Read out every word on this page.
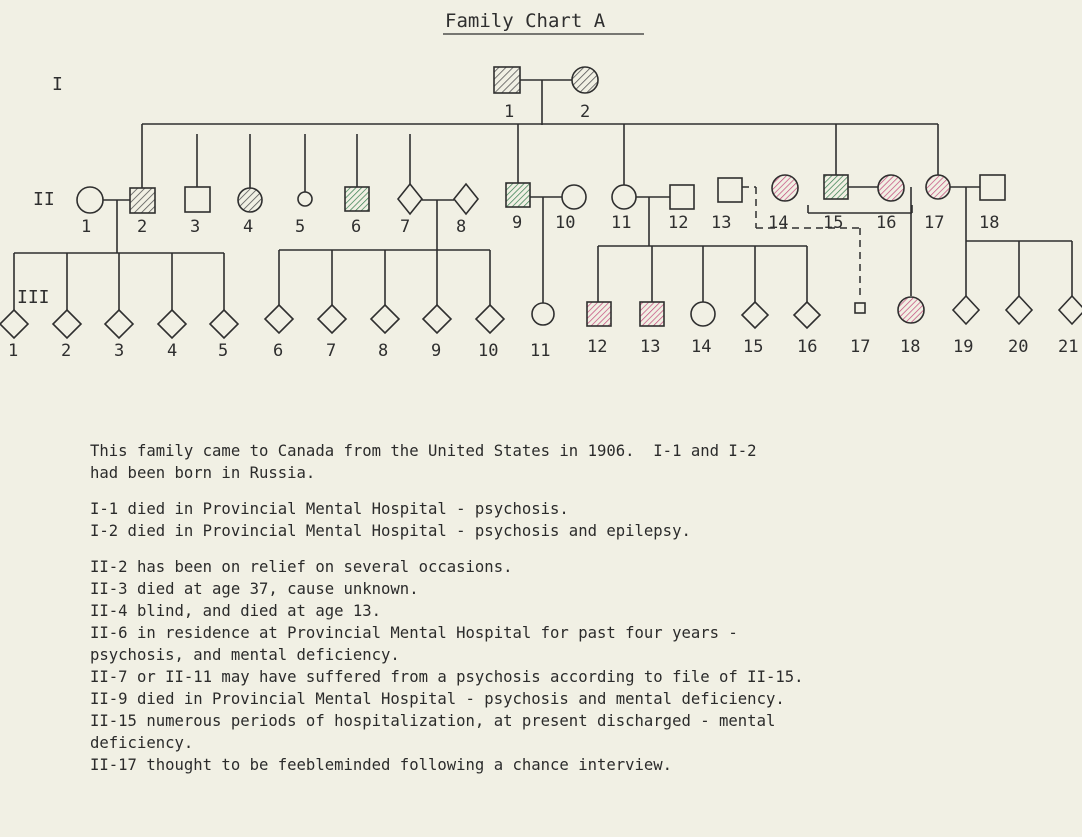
Family Chart A
I
II
III
1	2
1	2	3	4 5	6 7	8	9 10 11 12 13 14 15 16 17 18
1	2	3	4 5	6	7 8	9 10 11 12 13 14 15 16 17 18 19 20 21
This family came to Canada from the United States in 1906.  I-1 and I-2
had been born in Russia.
I-1 died in Provincial Mental Hospital - psychosis.
I-2 died in Provincial Mental Hospital - psychosis and epilepsy.
II-2 has been on relief on several occasions.
II-3 died at age 37, cause unknown.
II-4 blind, and died at age 13.
II-6 in residence at Provincial Mental Hospital for past four years -
psychosis, and mental deficiency.
II-7 or II-11 may have suffered from a psychosis according to file of II-15.
II-9 died in Provincial Mental Hospital - psychosis and mental deficiency.
II-15 numerous periods of hospitalization, at present discharged - mental
deficiency.
II-17 thought to be feebleminded following a chance interview.
